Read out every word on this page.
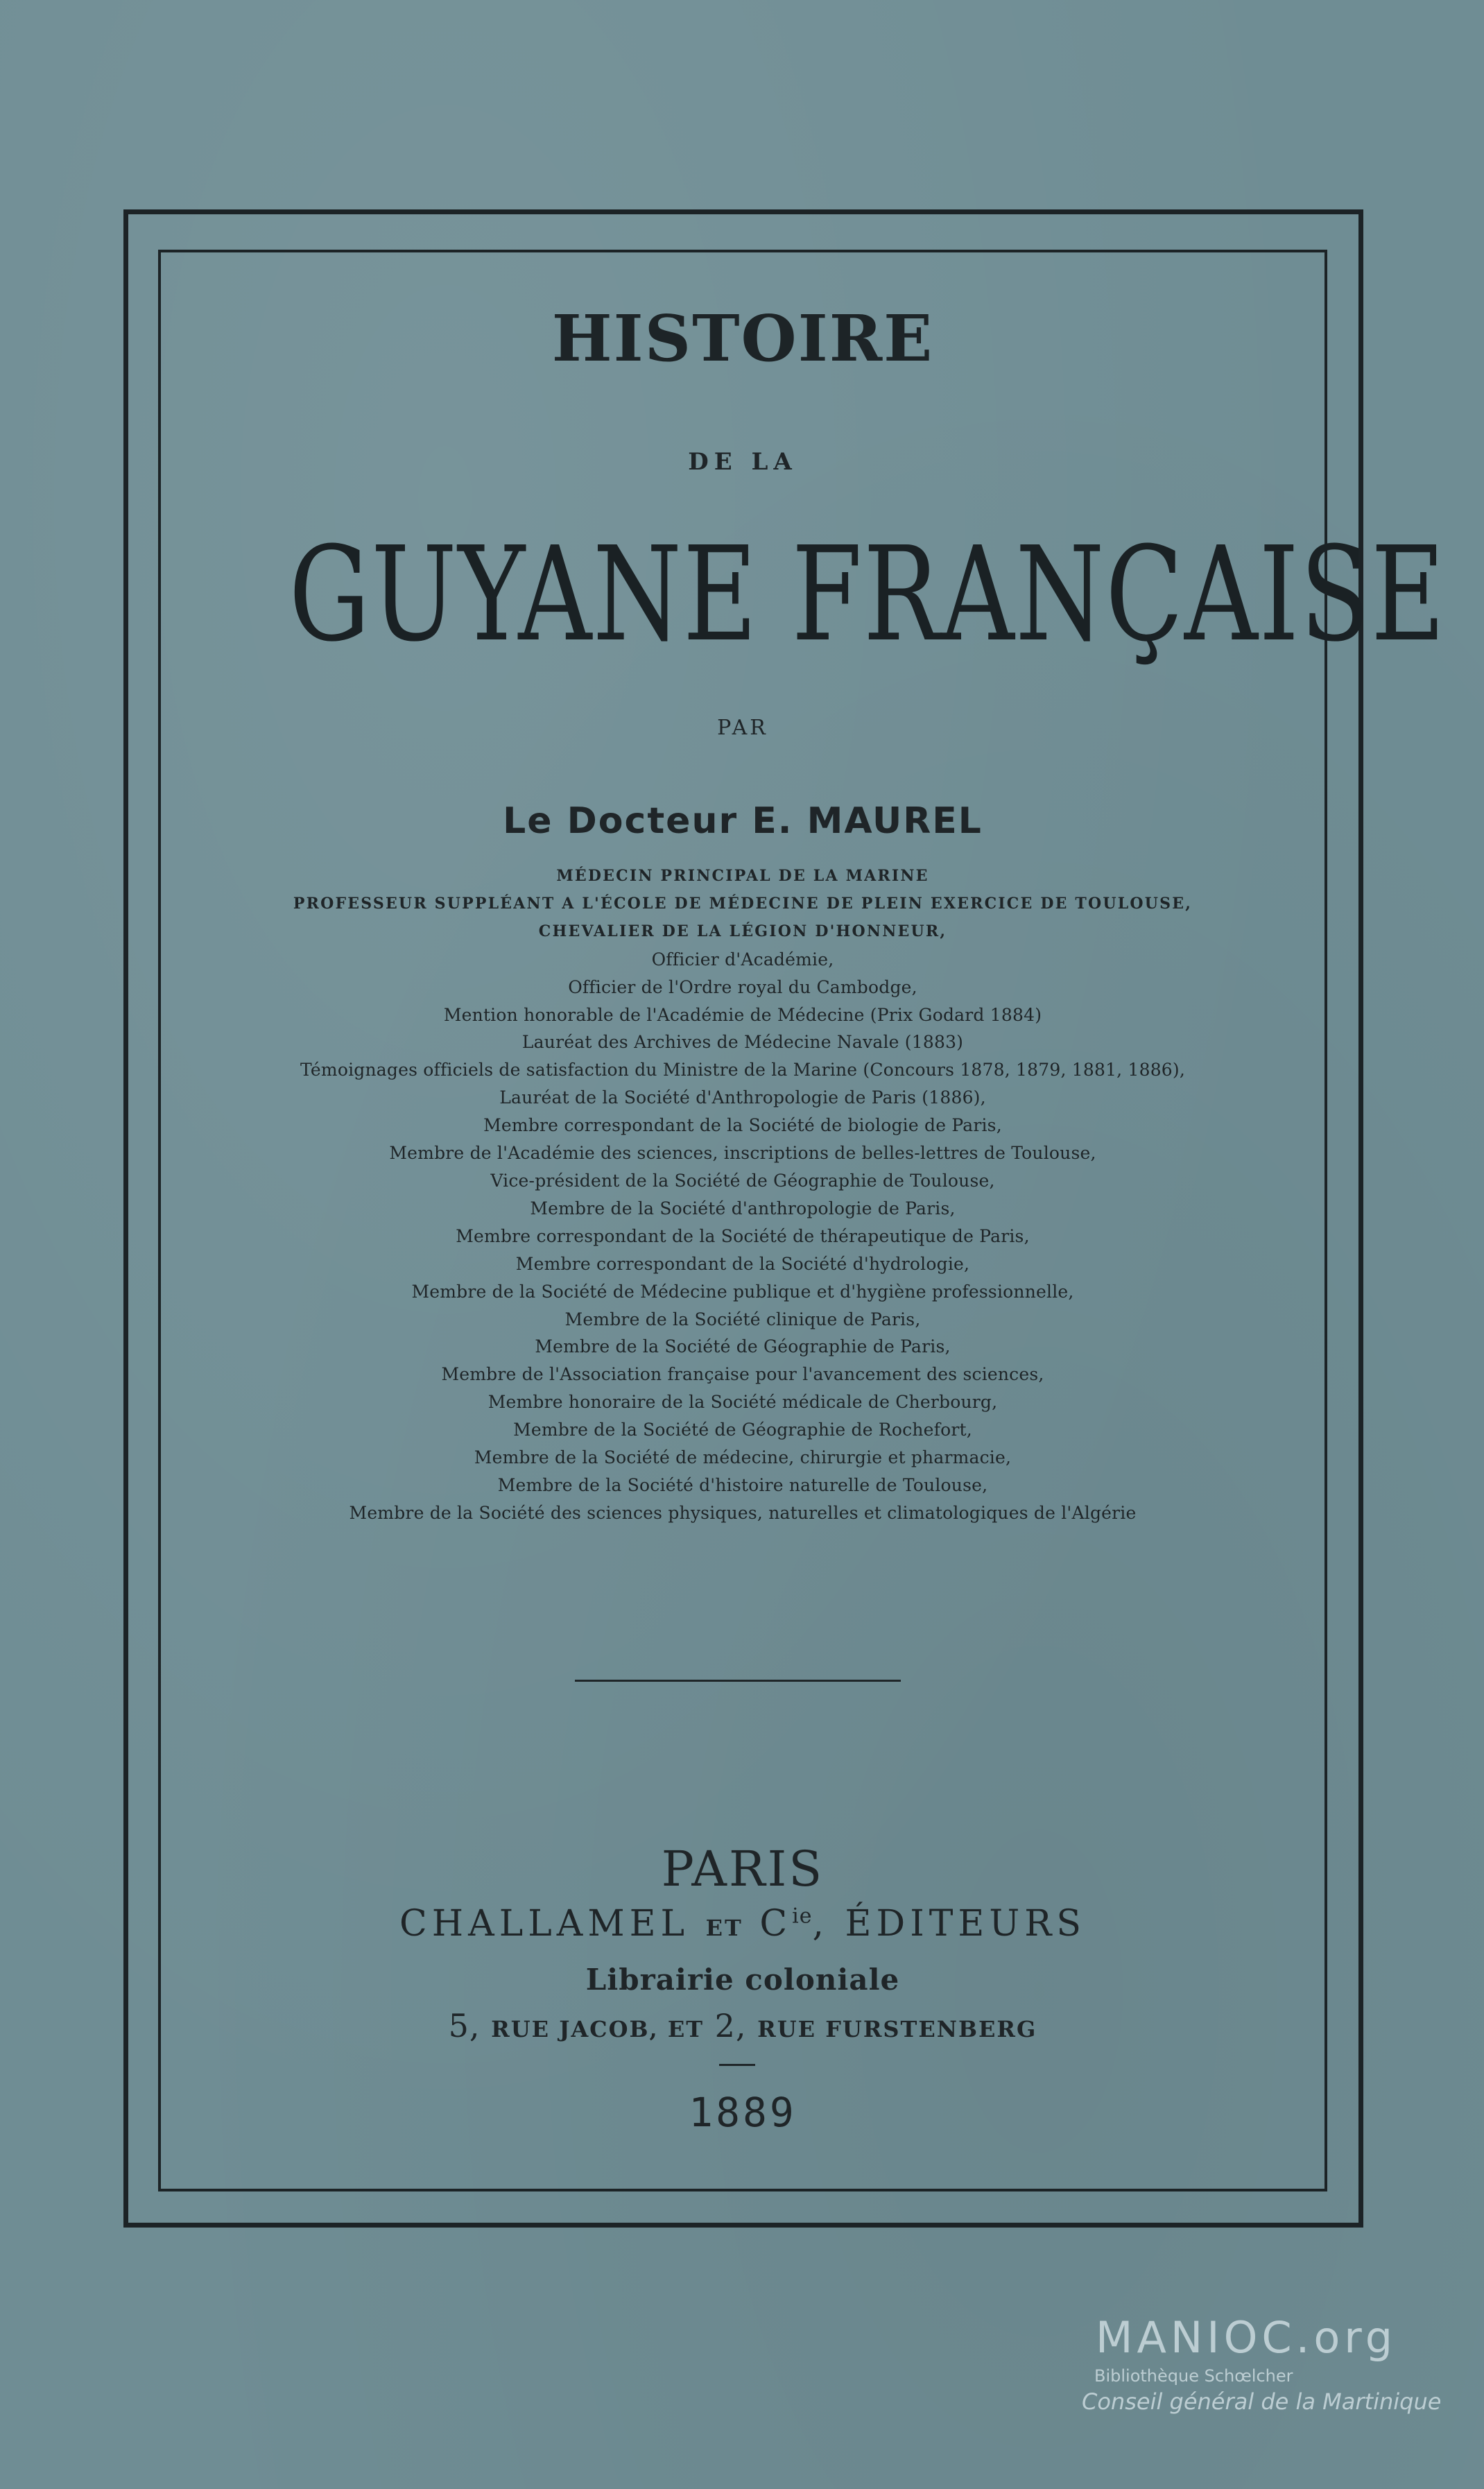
HISTOIRE
DE LA
GUYANE FRANÇAISE
PAR
Le Docteur E. MAUREL
MÉDECIN PRINCIPAL DE LA MARINE
PROFESSEUR SUPPLÉANT A L'ÉCOLE DE MÉDECINE DE PLEIN EXERCICE DE TOULOUSE,
CHEVALIER DE LA LÉGION D'HONNEUR,
Officier d'Académie,
Officier de l'Ordre royal du Cambodge,
Mention honorable de l'Académie de Médecine (Prix Godard 1884)
Lauréat des Archives de Médecine Navale (1883)
Témoignages officiels de satisfaction du Ministre de la Marine (Concours 1878, 1879, 1881, 1886),
Lauréat de la Société d'Anthropologie de Paris (1886),
Membre correspondant de la Société de biologie de Paris,
Membre de l'Académie des sciences, inscriptions de belles-lettres de Toulouse,
Vice-président de la Société de Géographie de Toulouse,
Membre de la Société d'anthropologie de Paris,
Membre correspondant de la Société de thérapeutique de Paris,
Membre correspondant de la Société d'hydrologie,
Membre de la Société de Médecine publique et d'hygiène professionnelle,
Membre de la Société clinique de Paris,
Membre de la Société de Géographie de Paris,
Membre de l'Association française pour l'avancement des sciences,
Membre honoraire de la Société médicale de Cherbourg,
Membre de la Société de Géographie de Rochefort,
Membre de la Société de médecine, chirurgie et pharmacie,
Membre de la Société d'histoire naturelle de Toulouse,
Membre de la Société des sciences physiques, naturelles et climatologiques de l'Algérie
PARIS
CHALLAMEL ET $C^{ie}$, ÉDITEURS
Librairie coloniale
5, RUE JACOB, ET 2, RUE FURSTENBERG
1889
MANIOC.org
Bibliothèque Schœlcher
Conseil général de la Martinique
